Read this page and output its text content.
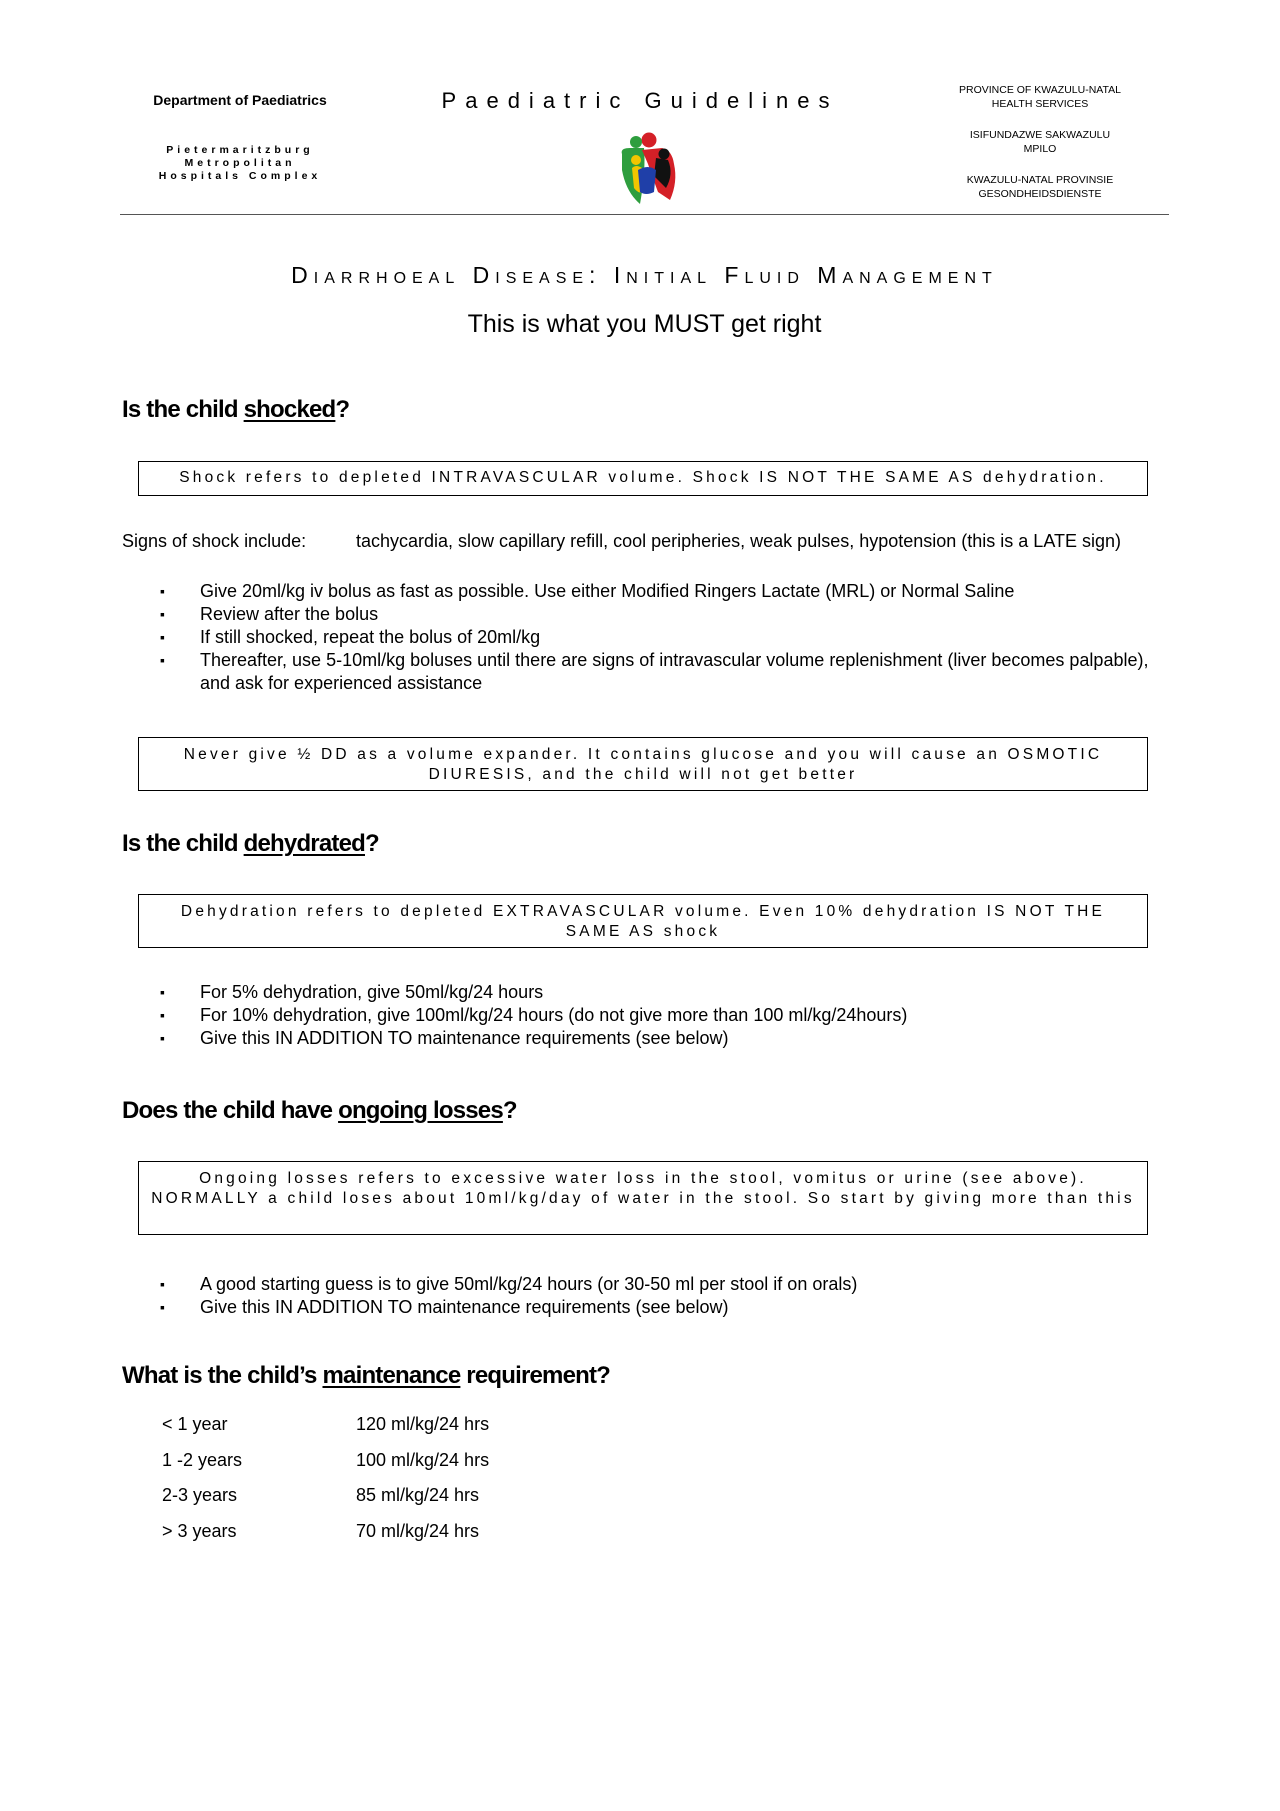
Department of Paediatrics
Pietermaritzburg
Metropolitan
Hospitals Complex
Paediatric Guidelines	PROVINCE OF KWAZULU-NATAL
HEALTH SERVICES

ISIFUNDAZWE SAKWAZULU
MPILO

KWAZULU-NATAL PROVINSIE
GESONDHEIDSDIENSTE

Diarrhoeal Disease: Initial Fluid Management
This is what you MUST get right
Is the child shocked?
Shock refers to depleted INTRAVASCULAR volume. Shock IS NOT THE SAME AS dehydration.
Signs of shock include:	tachycardia, slow capillary refill, cool peripheries, weak pulses, hypotension (this is a LATE sign)
▪ Give 20ml/kg iv bolus as fast as possible. Use either Modified Ringers Lactate (MRL) or Normal Saline
▪ Review after the bolus
▪ If still shocked, repeat the bolus of 20ml/kg
▪ Thereafter, use 5-10ml/kg boluses until there are signs of intravascular volume replenishment (liver becomes palpable), and ask for experienced assistance
Never give ½ DD as a volume expander. It contains glucose and you will cause an OSMOTIC DIURESIS, and the child will not get better
Is the child dehydrated?
Dehydration refers to depleted EXTRAVASCULAR volume. Even 10% dehydration IS NOT THE SAME AS shock
▪ For 5% dehydration, give 50ml/kg/24 hours
▪ For 10% dehydration, give 100ml/kg/24 hours (do not give more than 100 ml/kg/24hours)
▪ Give this IN ADDITION TO maintenance requirements (see below)
Does the child have ongoing losses?
Ongoing losses refers to excessive water loss in the stool, vomitus or urine (see above). NORMALLY a child loses about 10ml/kg/day of water in the stool. So start by giving more than this
▪ A good starting guess is to give 50ml/kg/24 hours (or 30-50 ml per stool if on orals)
▪ Give this IN ADDITION TO maintenance requirements (see below)
What is the child’s maintenance requirement?
< 1 year	120 ml/kg/24 hrs
1 -2 years	100 ml/kg/24 hrs
2-3 years	85 ml/kg/24 hrs
> 3 years	70 ml/kg/24 hrs
